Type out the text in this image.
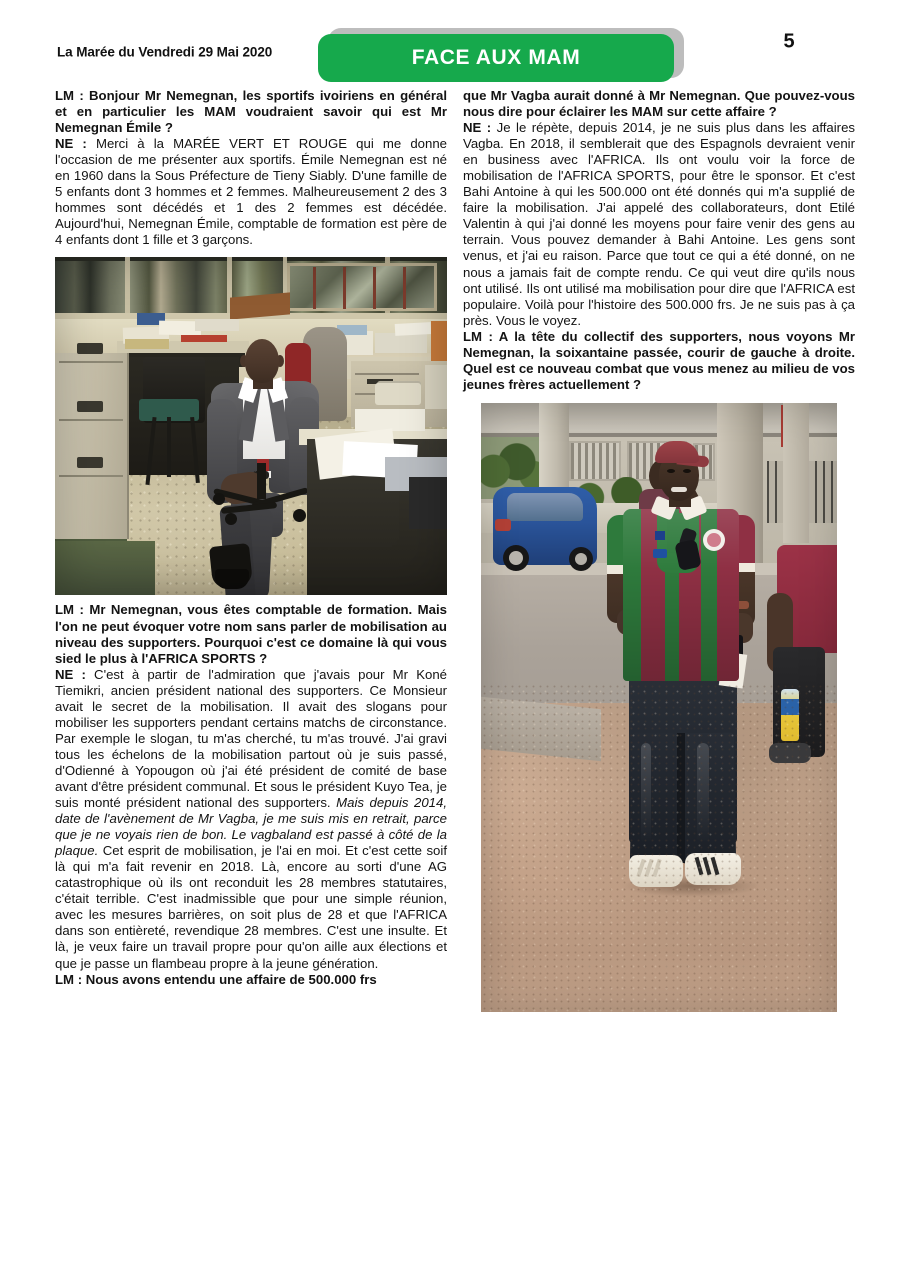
La Marée du Vendredi 29 Mai 2020	FACE AUX MAM
5

LM : Bonjour Mr Nemegnan, les sportifs ivoiriens en général et en particulier les MAM voudraient savoir qui est Mr Nemegnan Émile ?

NE : Merci à la MARÉE VERT ET ROUGE qui me donne l'occasion de me présenter aux sportifs. Émile Nemegnan est né en 1960 dans la Sous Préfecture de Tieny Siably. D'une famille de 5 enfants dont 3 hommes et 2 femmes. Malheureusement 2 des 3 hommes sont décédés et 1 des 2 femmes est décédée. Aujourd'hui, Nemegnan Émile, comptable de formation est père de 4 enfants dont 1 fille et 3 garçons.

LM : Mr Nemegnan, vous êtes comptable de formation. Mais l'on ne peut évoquer votre nom sans parler de mobilisation au niveau des supporters. Pourquoi c'est ce domaine là qui vous sied le plus à l'AFRICA SPORTS ?

NE : C'est à partir de l'admiration que j'avais pour Mr Koné Tiemikri, ancien président national des supporters. Ce Monsieur avait le secret de la mobilisation. Il avait des slogans pour mobiliser les supporters pendant certains matchs de circonstance. Par exemple le slogan, tu m'as cherché, tu m'as trouvé. J'ai gravi tous les échelons de la mobilisation partout où je suis passé, d'Odienné à Yopougon où j'ai été président de comité de base avant d'être président communal. Et sous le président Kuyo Tea, je suis monté président national des supporters. Mais depuis 2014, date de l'avènement de Mr Vagba, je me suis mis en retrait, parce que je ne voyais rien de bon. Le vagbaland est passé à côté de la plaque. Cet esprit de mobilisation, je l'ai en moi. Et c'est cette soif là qui m'a fait revenir en 2018. Là, encore au sorti d'une AG catastrophique où ils ont reconduit les 28 membres statutaires, c'était terrible. C'est inadmissible que pour une simple réunion, avec les mesures barrières, on soit plus de 28 et que l'AFRICA dans son entièreté, revendique 28 membres. C'est une insulte. Et là, je veux faire un travail propre pour qu'on aille aux élections et que je passe un flambeau propre à la jeune génération.

LM : Nous avons entendu une affaire de 500.000 frs

que Mr Vagba aurait donné à Mr Nemegnan. Que pouvez-vous nous dire pour éclairer les MAM sur cette affaire ?

NE : Je le répète, depuis 2014, je ne suis plus dans les affaires Vagba. En 2018, il semblerait que des Espagnols devraient venir en business avec l'AFRICA. Ils ont voulu voir la force de mobilisation de l'AFRICA SPORTS, pour être le sponsor. Et c'est Bahi Antoine à qui les 500.000 ont été donnés qui m'a supplié de faire la mobilisation. J'ai appelé des collaborateurs, dont Etilé Valentin à qui j'ai donné les moyens pour faire venir des gens au terrain. Vous pouvez demander à Bahi Antoine. Les gens sont venus, et j'ai eu raison. Parce que tout ce qui a été donné, on ne nous a jamais fait de compte rendu. Ce qui veut dire qu'ils nous ont utilisé. Ils ont utilisé ma mobilisation pour dire que l'AFRICA est populaire. Voilà pour l'histoire des 500.000 frs. Je ne suis pas à ça près. Vous le voyez.

LM : A la tête du collectif des supporters, nous voyons Mr Nemegnan, la soixantaine passée, courir de gauche à droite. Quel est ce nouveau combat que vous menez au milieu de vos jeunes frères actuellement ?
